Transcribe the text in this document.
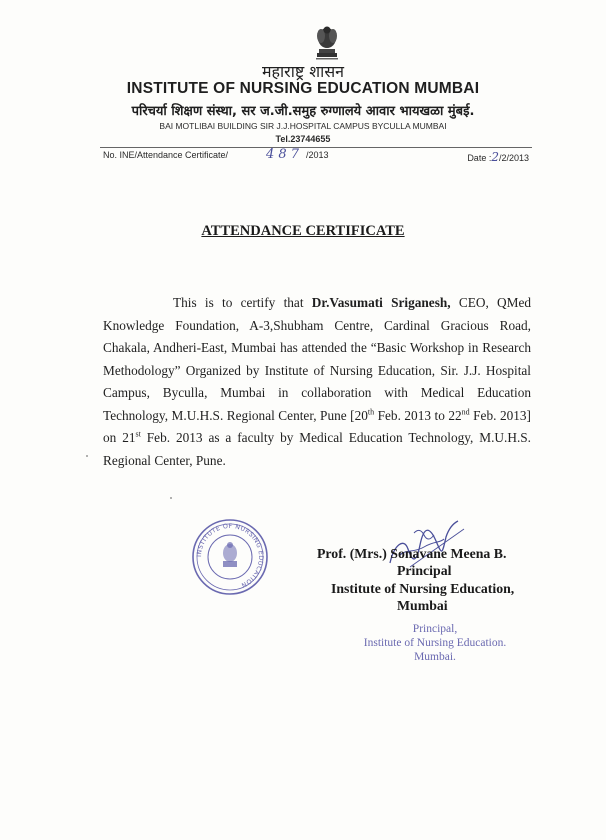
महाराष्ट्र शासन
INSTITUTE OF NURSING EDUCATION MUMBAI
परिचर्या शिक्षण संस्था, सर ज.जी.समुह रुग्णालये आवार भायखळा मुंबई.
BAI MOTLIBAI BUILDING SIR J.J.HOSPITAL CAMPUS BYCULLA MUMBAI
Tel.23744655
No. INE/Attendance Certificate/	4 8 7 /2013	Date :2/2/2013
ATTENDANCE CERTIFICATE
This is to certify that Dr.Vasumati Sriganesh, CEO, QMed Knowledge Foundation, A-3,Shubham Centre, Cardinal Gracious Road, Chakala, Andheri-East, Mumbai has attended the “Basic Workshop in Research Methodology” Organized by Institute of Nursing Education, Sir. J.J. Hospital Campus, Byculla, Mumbai in collaboration with Medical Education Technology, M.U.H.S. Regional Center, Pune [20th Feb. 2013 to 22nd Feb. 2013] on 21st Feb. 2013 as a faculty by Medical Education Technology, M.U.H.S. Regional Center, Pune.
INSTITUTE OF NURSING EDUCATION
Prof. (Mrs.) Sonavane Meena B.
Principal
Institute of Nursing Education,
Mumbai
Principal,
Institute of Nursing Education.
Mumbai.
